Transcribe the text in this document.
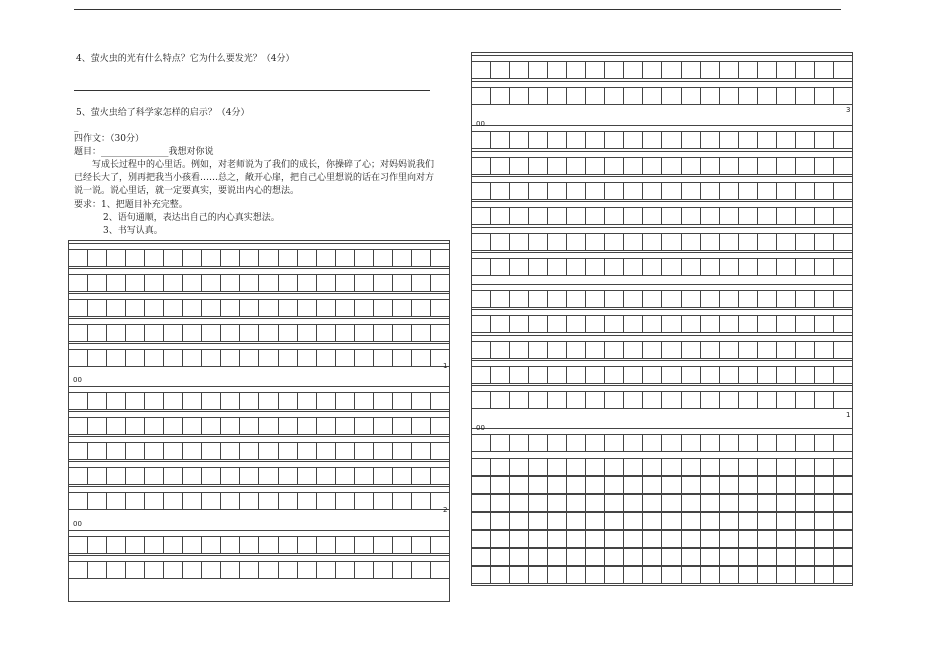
4、萤火虫的光有什么特点？它为什么要发光？（4分）
5、萤火虫给了科学家怎样的启示？（4分）
_
四作文：（30分）
题目：_______________我想对你说
写成长过程中的心里话。例如，对老师说为了我们的成长，你操碎了心；对妈妈说我们已经长大了，别再把我当小孩看……总之，敞开心扉，把自己心里想说的话在习作里向对方说一说。说心里话，就一定要真实，要说出内心的想法。
要求：1、把题目补充完整。
2、语句通顺，表达出自己的内心真实想法。
3、书写认真。
1
00
2
00
3
00
1
00
